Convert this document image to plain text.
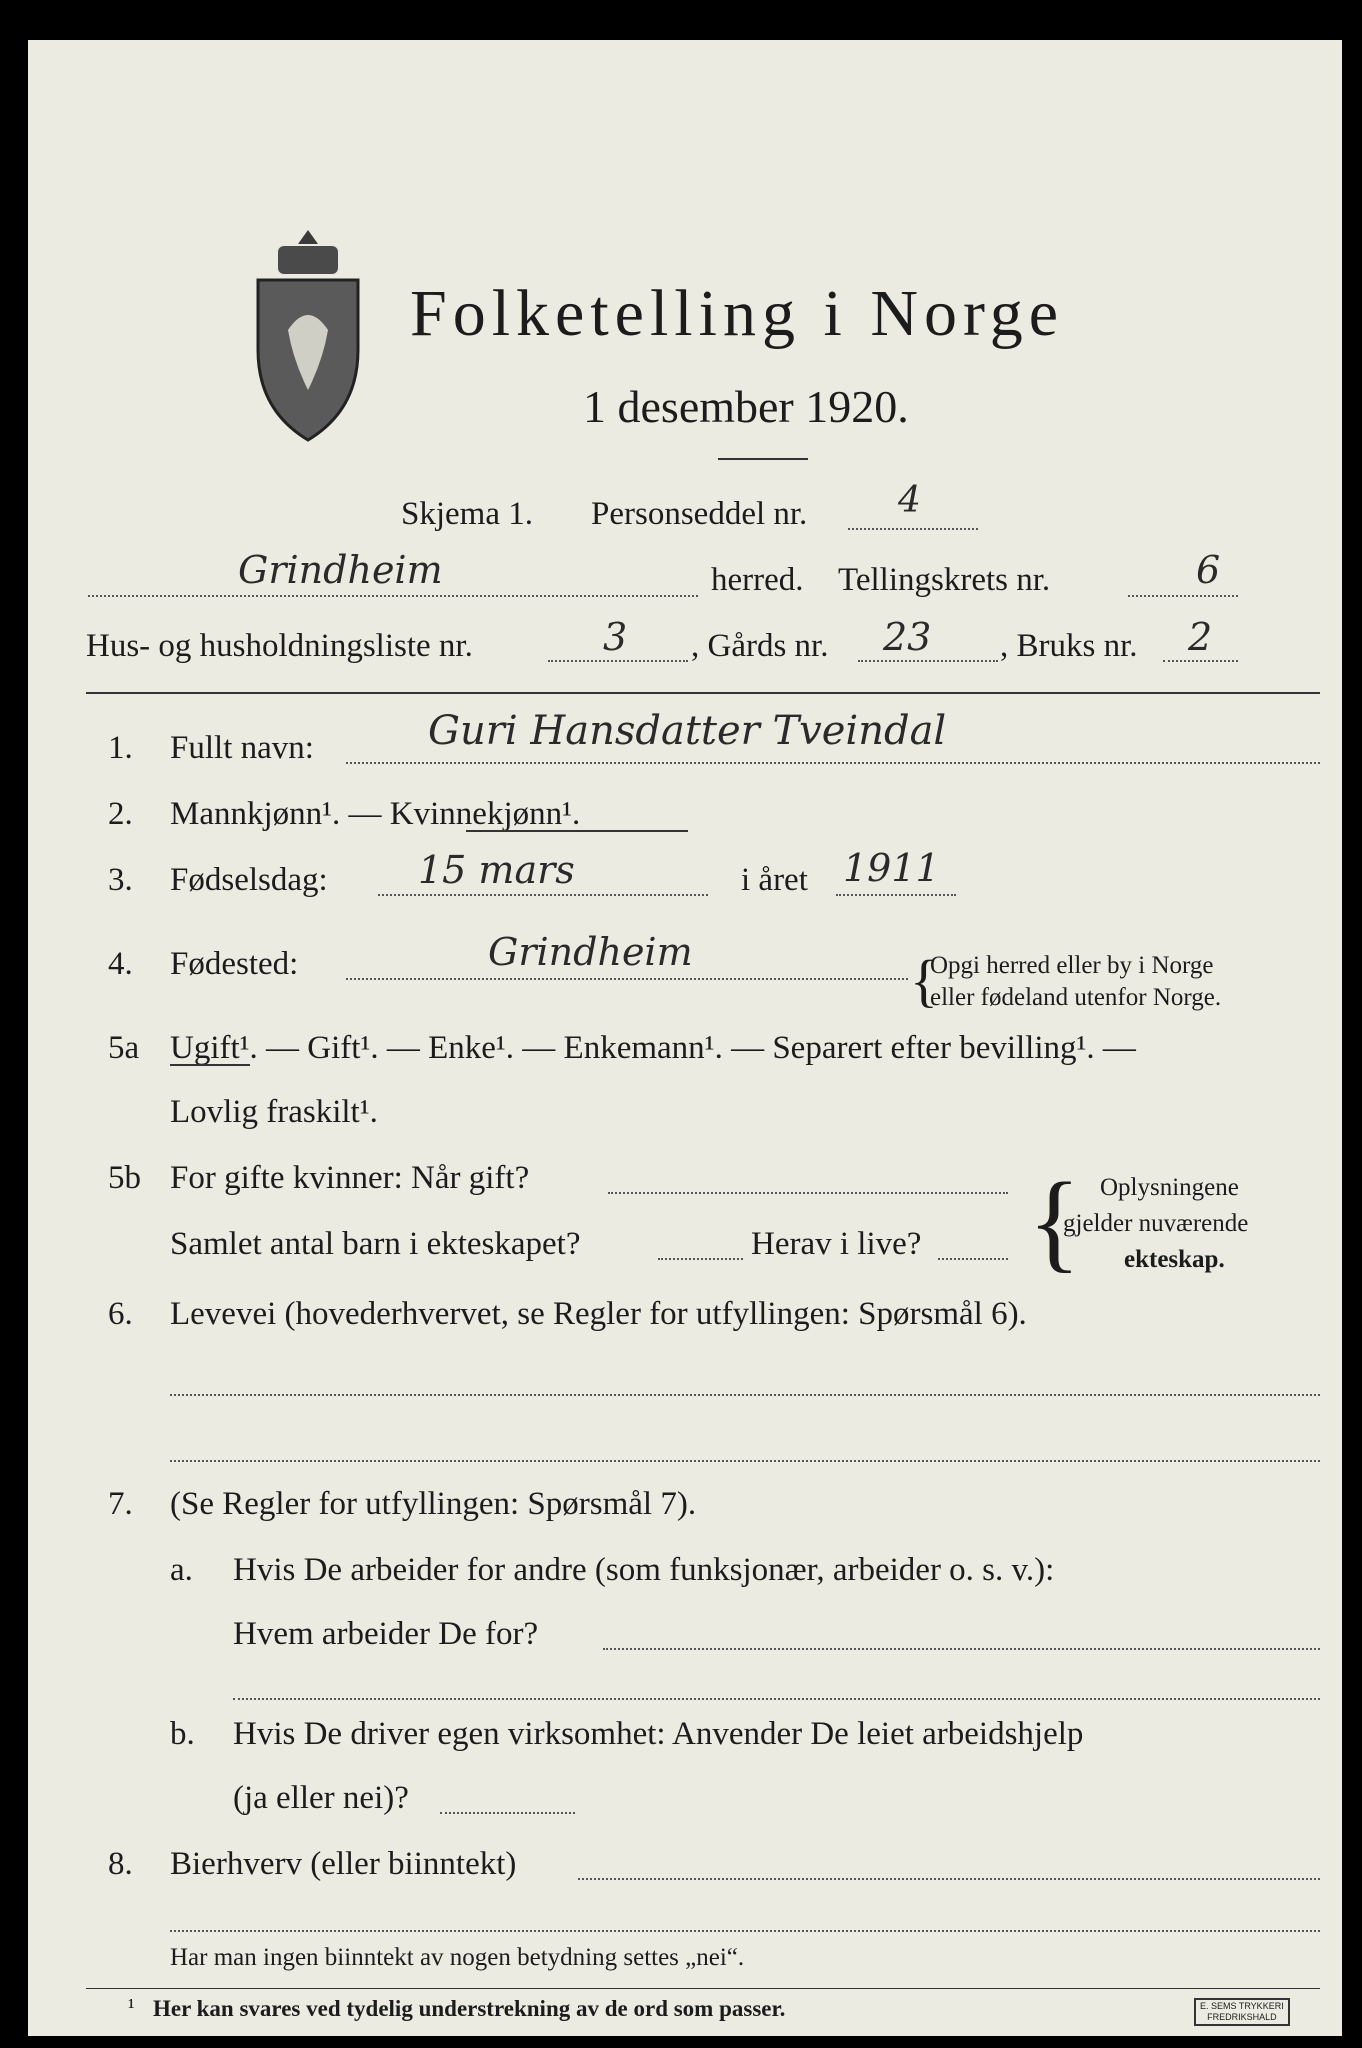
Folketelling i Norge
1 desember 1920.
Skjema 1. Personseddel nr.	4
Grindheim	herred. Tellingskrets nr.	6
Hus- og husholdningsliste nr.	3 , Gårds nr. 23 , Bruks nr. 2
1. Fullt navn:	Guri Hansdatter Tveindal
2. Mannkjønn¹. — Kvinnekjønn¹.
3. Fødselsdag: 15 mars	i året 1911
4. Fødested:	Grindheim	{
Opgi herred eller by i Norge
eller fødeland utenfor Norge.
5a Ugift¹. — Gift¹. — Enke¹. — Enkemann¹. — Separert efter bevilling¹. —
Lovlig fraskilt¹.
5b For gifte kvinner: Når gift?
Samlet antal barn i ekteskapet?	Herav i live? { Oplysningene
gjelder nuværende
ekteskap.
6. Levevei (hovederhvervet, se Regler for utfyllingen: Spørsmål 6).
7. (Se Regler for utfyllingen: Spørsmål 7).
a. Hvis De arbeider for andre (som funksjonær, arbeider o. s. v.):
Hvem arbeider De for?
b. Hvis De driver egen virksomhet: Anvender De leiet arbeidshjelp
(ja eller nei)?
8. Bierhverv (eller biinntekt)
Har man ingen biinntekt av nogen betydning settes „nei“.
¹ Her kan svares ved tydelig understrekning av de ord som passer.	E. SEMS TRYKKERI
FREDRIKSHALD
